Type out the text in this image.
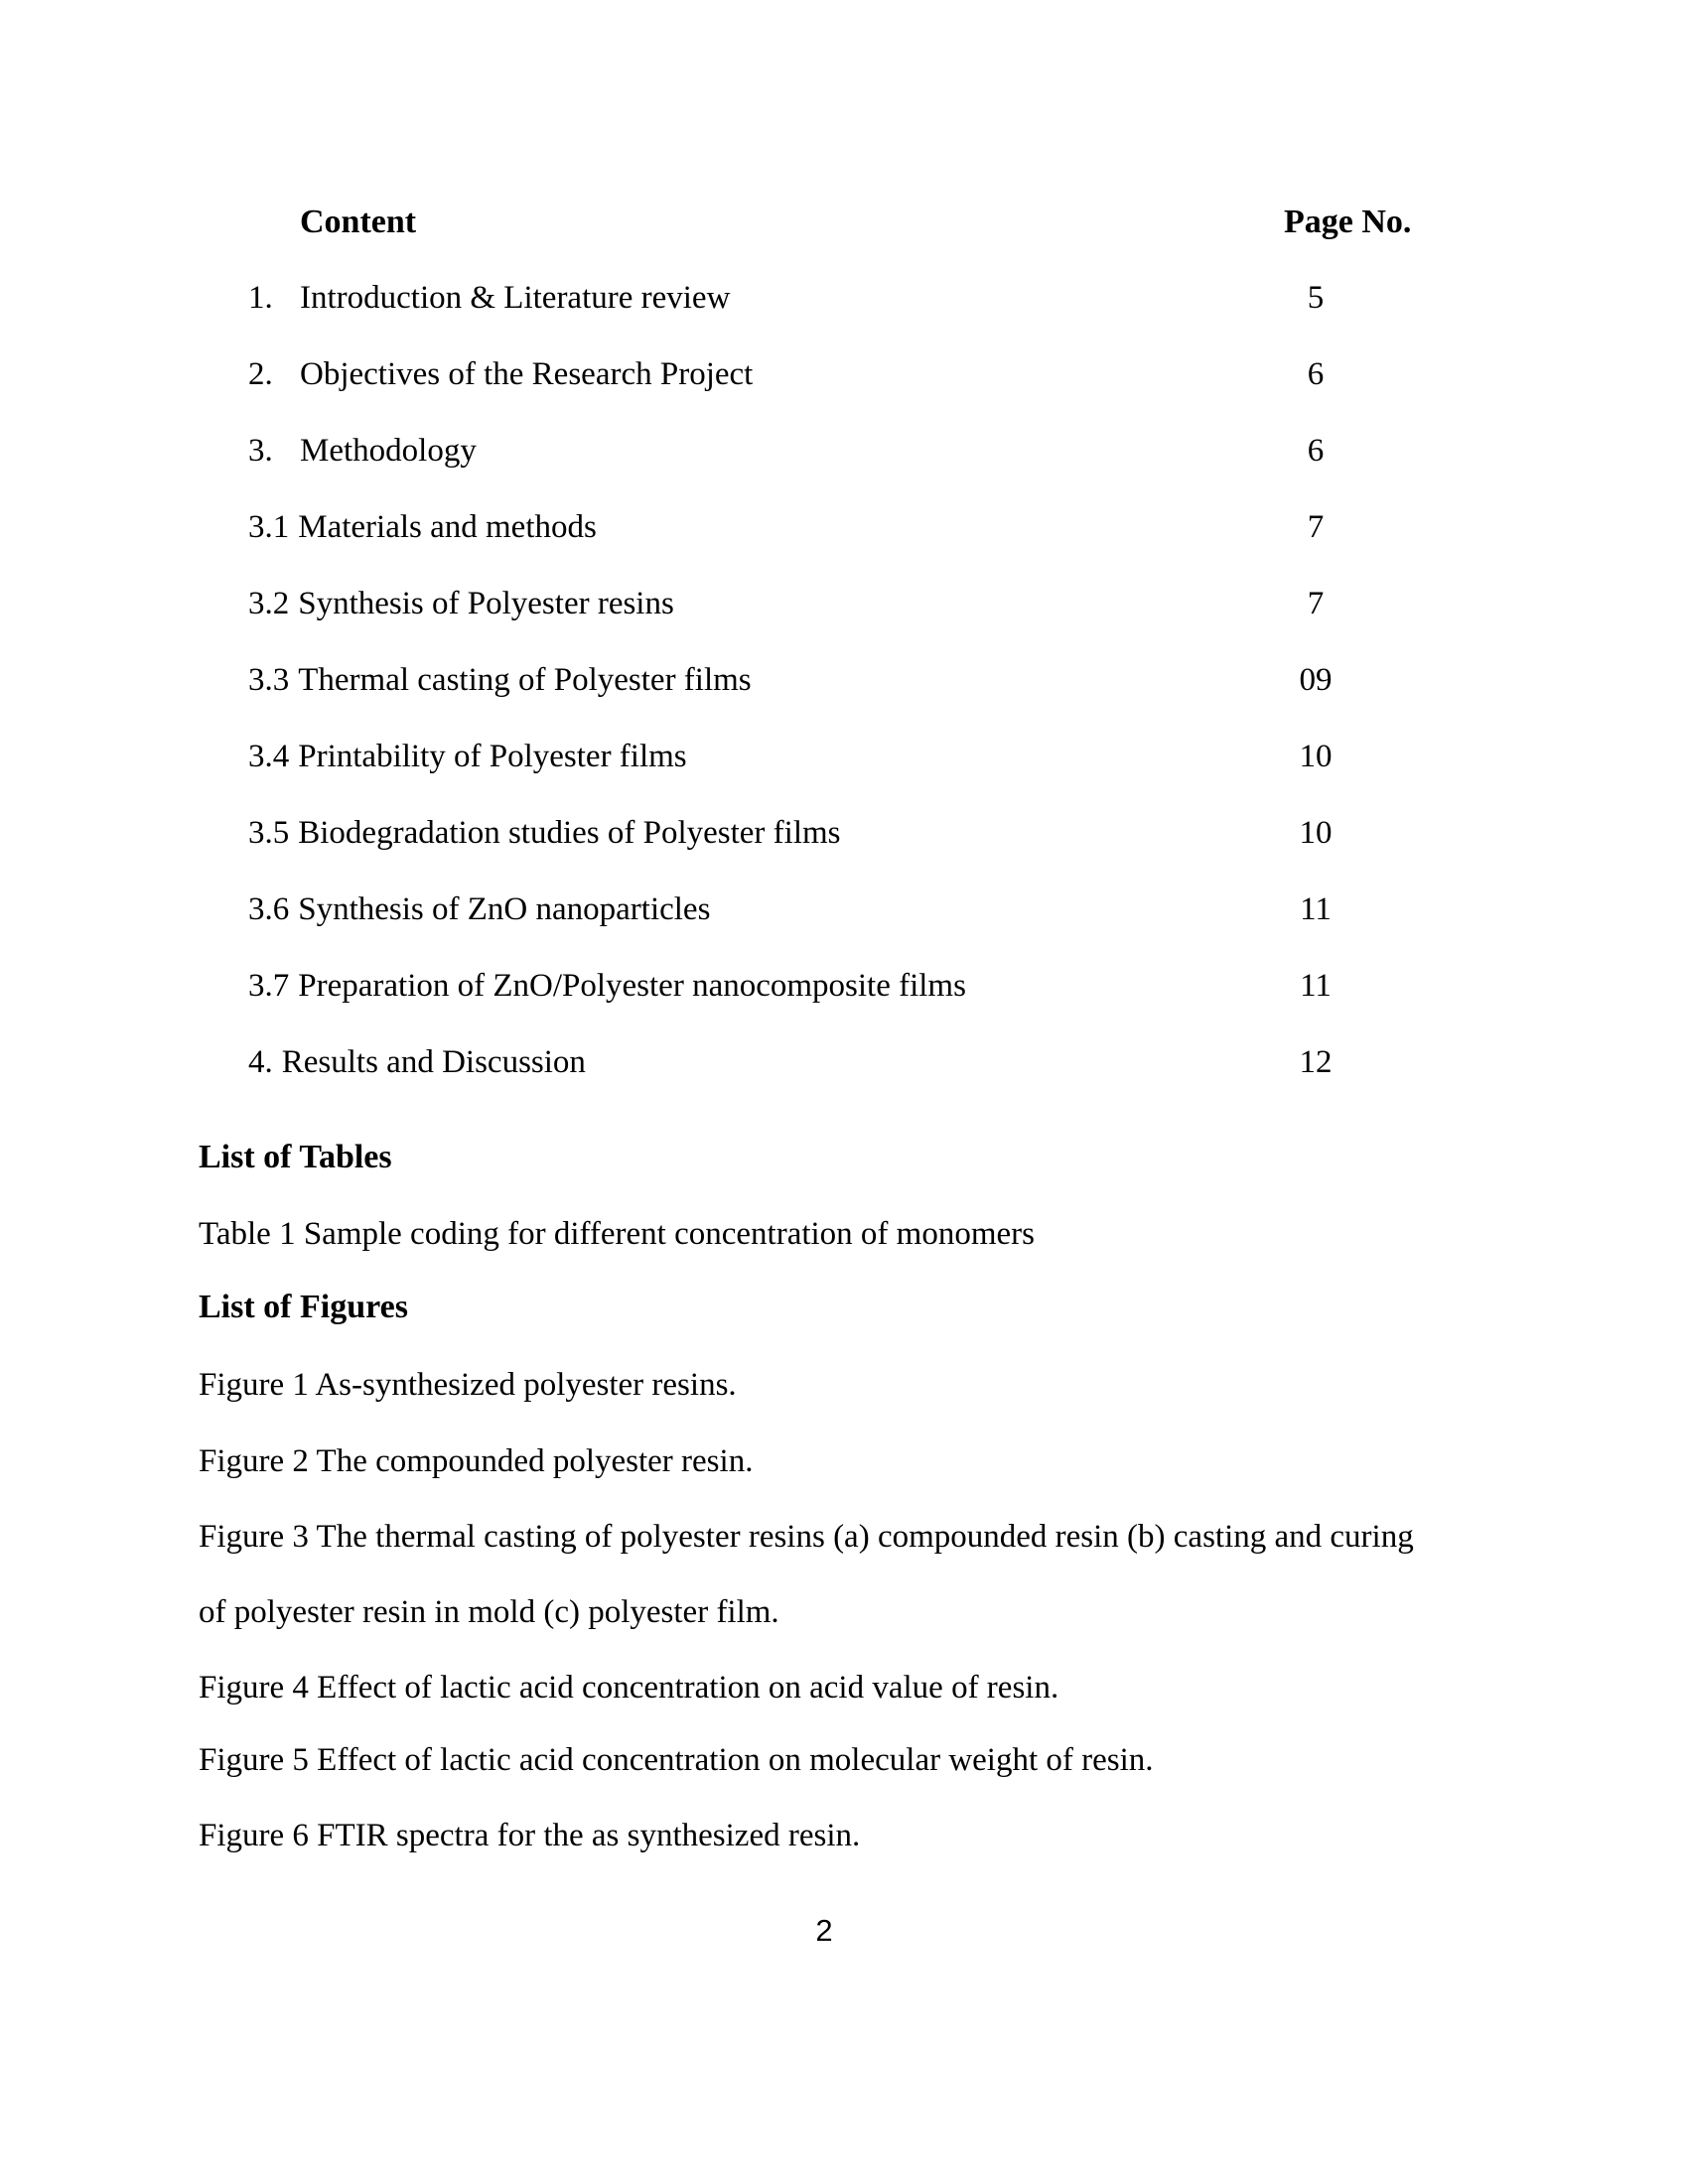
Content	Page No.
1. Introduction & Literature review	5
2. Objectives of the Research Project	6
3. Methodology	6
3.1 Materials and methods	7
3.2 Synthesis of Polyester resins	7
3.3 Thermal casting of Polyester films	09
3.4 Printability of Polyester films	10
3.5 Biodegradation studies of Polyester films	10
3.6 Synthesis of ZnO nanoparticles	11
3.7 Preparation of ZnO/Polyester nanocomposite films	11
4. Results and Discussion	12
List of Tables
Table 1 Sample coding for different concentration of monomers
List of Figures
Figure 1 As-synthesized polyester resins.
Figure 2 The compounded polyester resin.
Figure 3 The thermal casting of polyester resins (a) compounded resin (b) casting and curing
of polyester resin in mold (c) polyester film.
Figure 4 Effect of lactic acid concentration on acid value of resin.
Figure 5 Effect of lactic acid concentration on molecular weight of resin.
Figure 6 FTIR spectra for the as synthesized resin.
2
